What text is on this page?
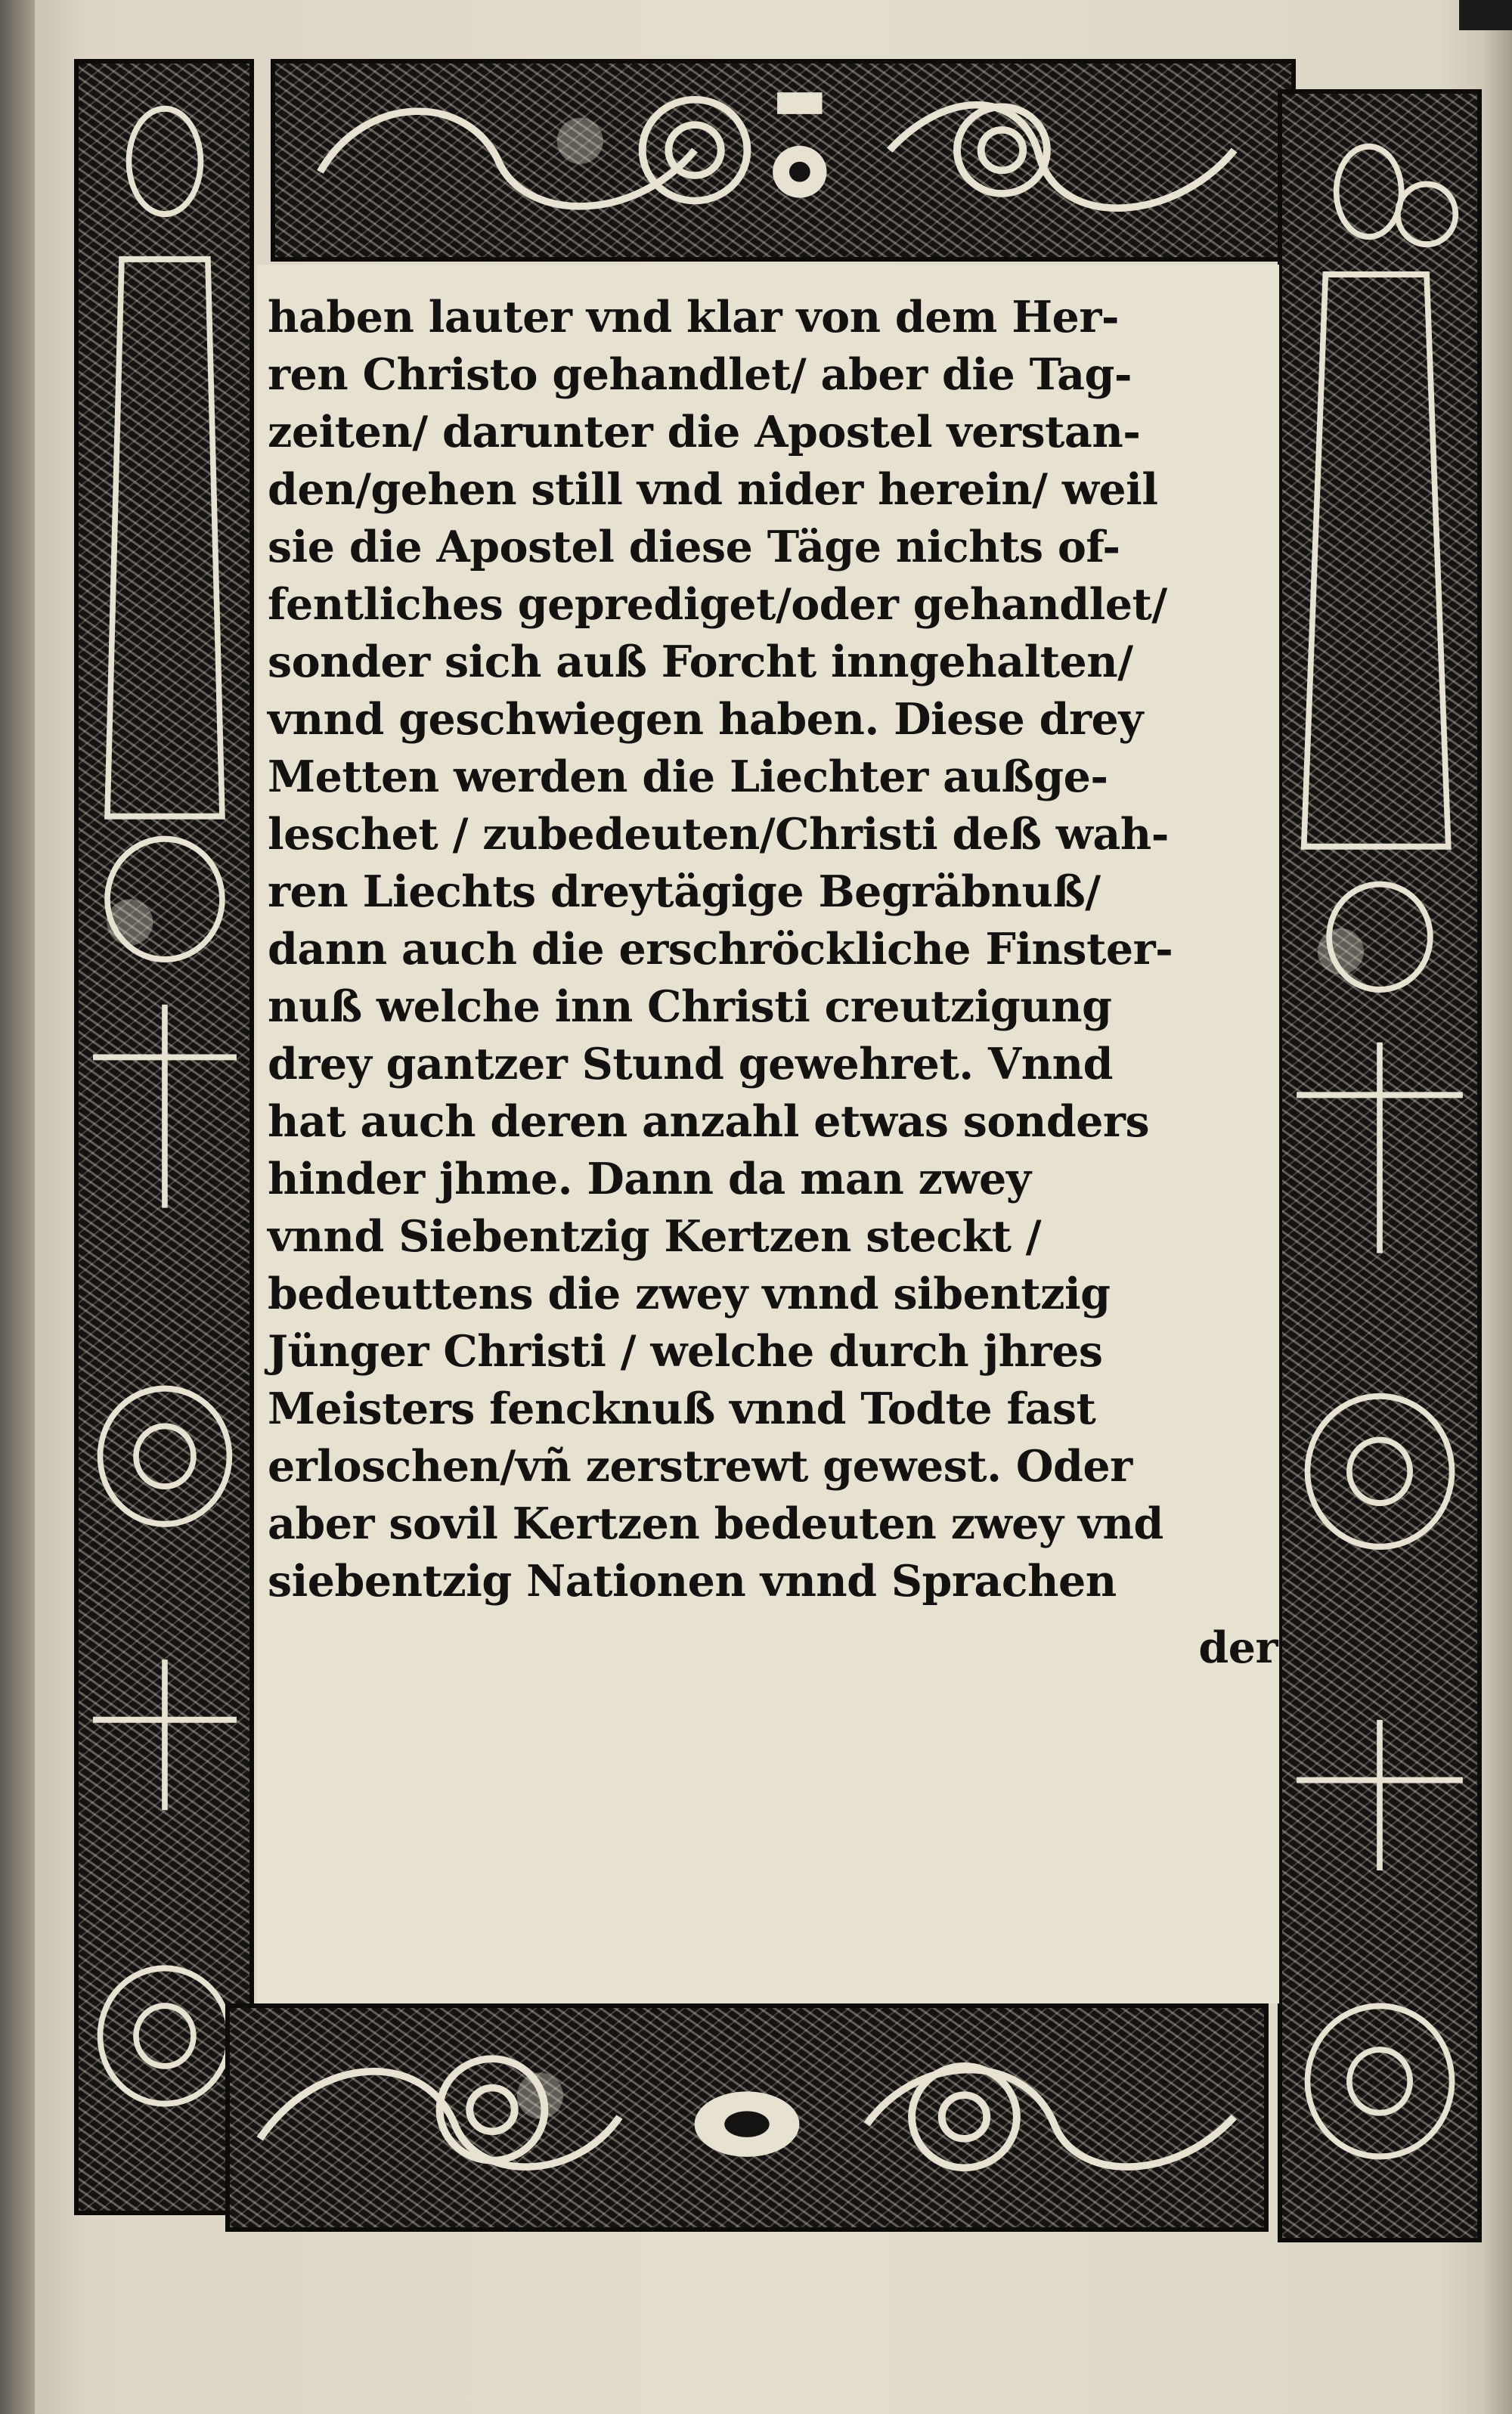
haben lauter vnd klar von dem Her-
ren Christo gehandlet/ aber die Tag-
zeiten/ darunter die Apostel verstan-
den/gehen still vnd nider herein/ weil
sie die Apostel diese Täge nichts of-
fentliches geprediget/oder gehandlet/
sonder sich auß Forcht inngehalten/
vnnd geschwiegen haben. Diese drey
Metten werden die Liechter außge-
leschet / zubedeuten/Christi deß wah-
ren Liechts dreytägige Begräbnuß/
dann auch die erschröckliche Finster-
nuß welche inn Christi creutzigung
drey gantzer Stund gewehret. Vnnd
hat auch deren anzahl etwas sonders
hinder jhme. Dann da man zwey
vnnd Siebentzig Kertzen steckt /
bedeuttens die zwey vnnd sibentzig
Jünger Christi / welche durch jhres
Meisters fencknuß vnnd Todte fast
erloschen/vñ zerstrewt gewest. Oder
aber sovil Kertzen bedeuten zwey vnd
siebentzig Nationen vnnd Sprachen
der
